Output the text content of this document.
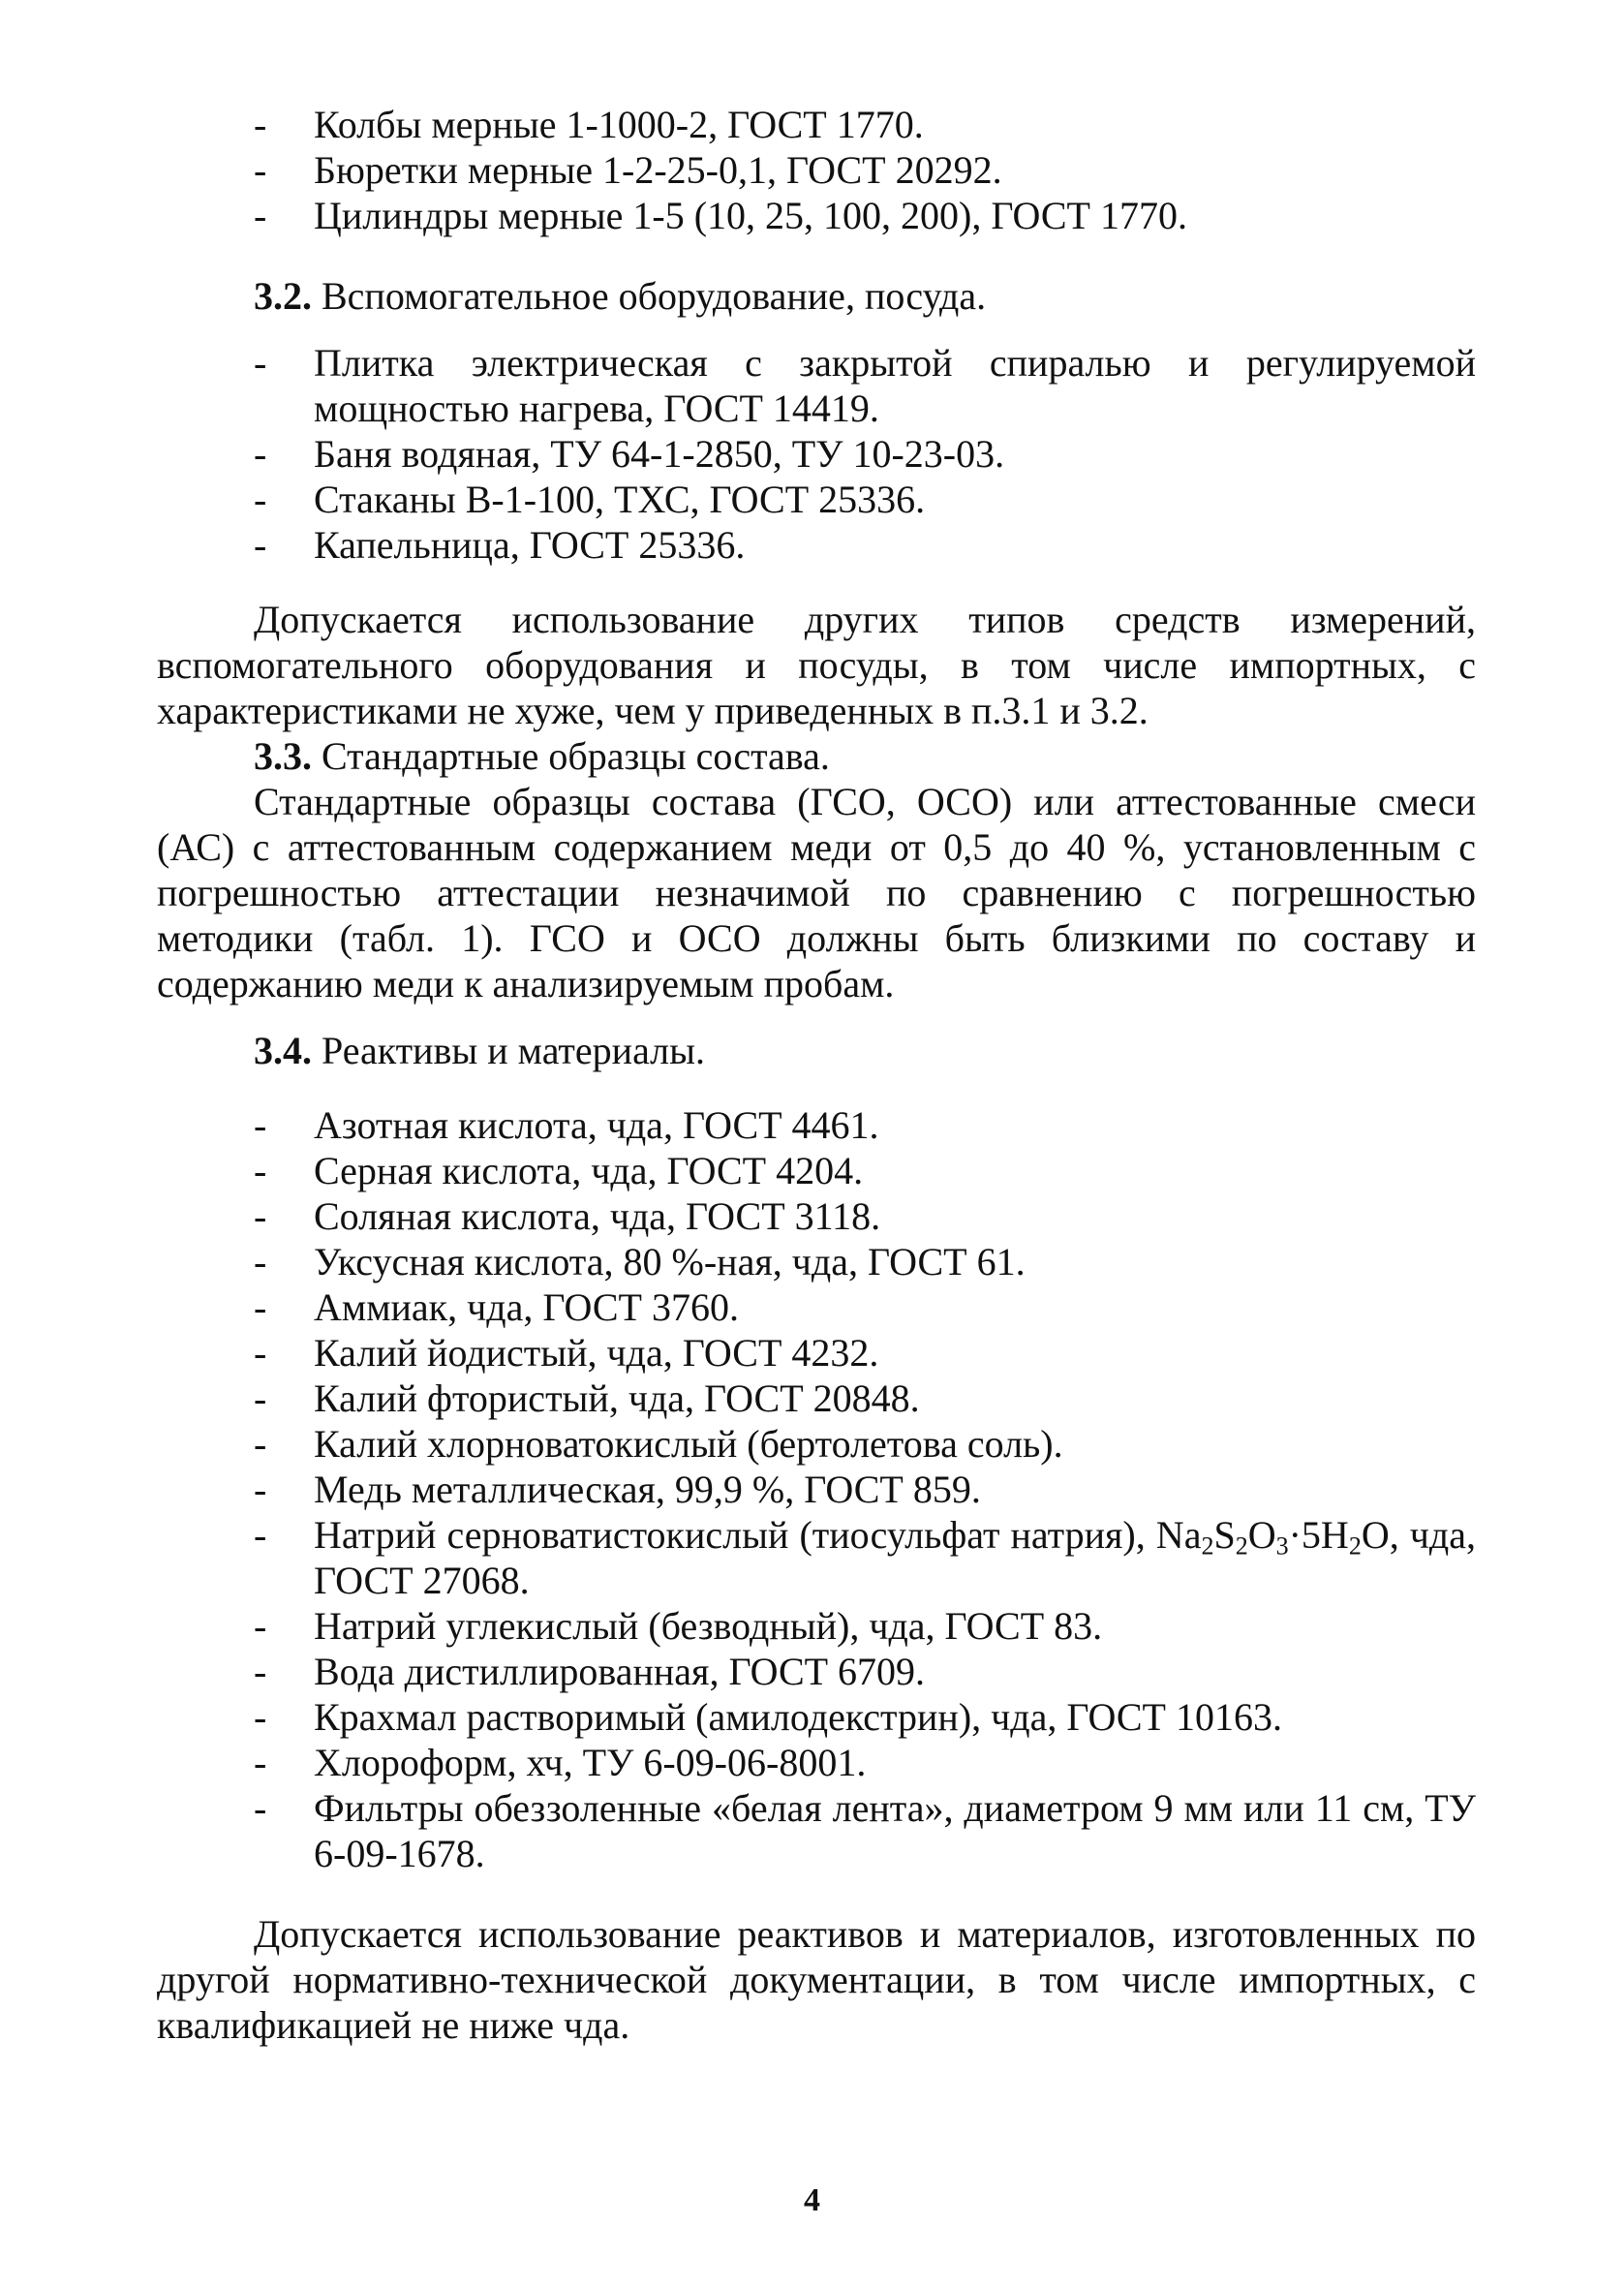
-	Колбы мерные 1-1000-2, ГОСТ 1770.
-	Бюретки мерные 1-2-25-0,1, ГОСТ 20292.
-	Цилиндры мерные 1-5 (10, 25, 100, 200), ГОСТ 1770.
3.2. Вспомогательное оборудование, посуда.
-	Плитка электрическая с закрытой спиралью и регулируемой мощностью нагрева, ГОСТ 14419.
-	Баня водяная, ТУ 64-1-2850, ТУ 10-23-03.
-	Стаканы В-1-100, ТХС, ГОСТ 25336.
-	Капельница, ГОСТ 25336.

Допускается использование других типов средств измерений, вспомогательного оборудования и посуды, в том числе импортных, с характеристиками не хуже, чем у приведенных в п.3.1 и 3.2.

3.3. Стандартные образцы состава.

Стандартные образцы состава (ГСО, ОСО) или аттестованные смеси (АС) с аттестованным содержанием меди от 0,5 до 40 %, установленным с погрешностью аттестации незначимой по сравнению с погрешностью методики (табл. 1). ГСО и ОСО должны быть близкими по составу и содержанию меди к анализируемым пробам.

3.4. Реактивы и материалы.
-	Азотная кислота, чда, ГОСТ 4461.
-	Серная кислота, чда, ГОСТ 4204.
-	Соляная кислота, чда, ГОСТ 3118.
-	Уксусная кислота, 80 %-ная, чда, ГОСТ 61.
-	Аммиак, чда, ГОСТ 3760.
-	Калий йодистый, чда, ГОСТ 4232.
-	Калий фтористый, чда, ГОСТ 20848.
-	Калий хлорноватокислый (бертолетова соль).
-	Медь металлическая, 99,9 %, ГОСТ 859.
-	Натрий серноватистокислый (тиосульфат натрия), $Na_2S_2O_3\cdot 5H_2O$, чда, ГОСТ 27068.
-	Натрий углекислый (безводный), чда, ГОСТ 83.
-	Вода дистиллированная, ГОСТ 6709.
-	Крахмал растворимый (амилодекстрин), чда, ГОСТ 10163.
-	Хлороформ, хч, ТУ 6-09-06-8001.
-	Фильтры обеззоленные «белая лента», диаметром 9 мм или 11 см, ТУ 6-09-1678.

Допускается использование реактивов и материалов, изготовленных по другой нормативно-технической документации, в том числе импортных, с квалификацией не ниже чда.

4
